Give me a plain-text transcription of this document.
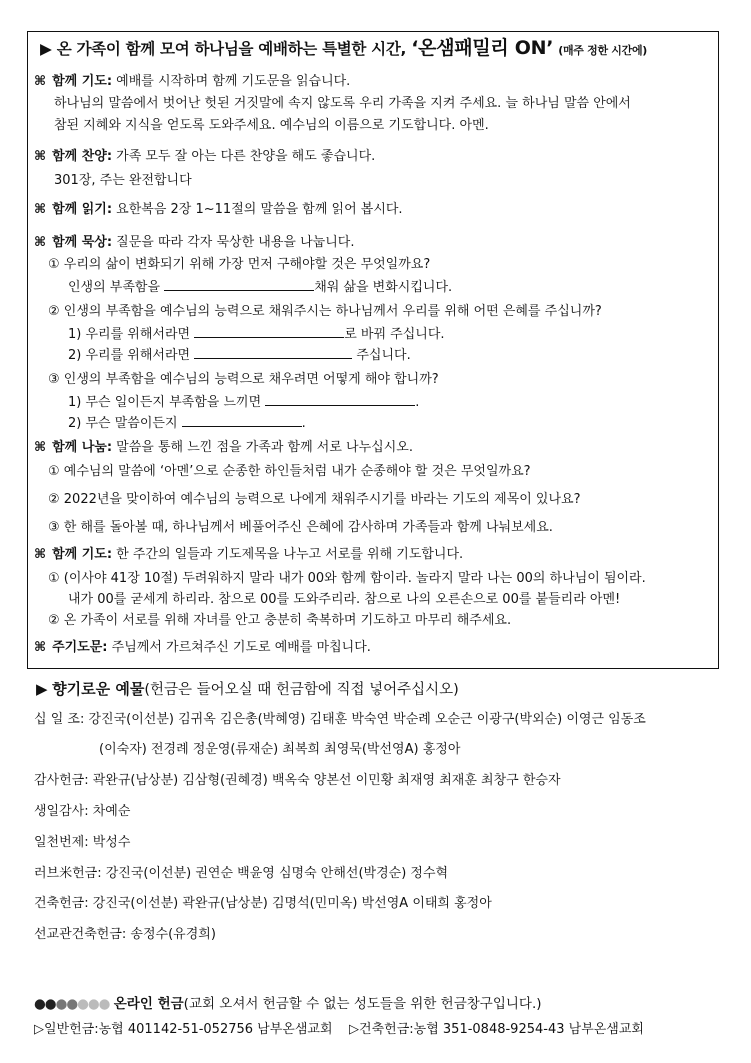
▶ 온 가족이 함께 모여 하나님을 예배하는 특별한 시간, ‘온샘패밀리 ON’ (매주 정한 시간에)
⌘ 함께 기도: 예배를 시작하며 함께 기도문을 읽습니다.
하나님의 말씀에서 벗어난 헛된 거짓말에 속지 않도록 우리 가족을 지켜 주세요. 늘 하나님 말씀 안에서
참된 지혜와 지식을 얻도록 도와주세요. 예수님의 이름으로 기도합니다. 아멘.
⌘ 함께 찬양: 가족 모두 잘 아는 다른 찬양을 해도 좋습니다.
301장, 주는 완전합니다
⌘ 함께 읽기: 요한복음 2장 1~11절의 말씀을 함께 읽어 봅시다.
⌘ 함께 묵상: 질문을 따라 각자 묵상한 내용을 나눕니다.
① 우리의 삶이 변화되기 위해 가장 먼저 구해야할 것은 무엇일까요?
인생의 부족함을	채워 삶을 변화시킵니다.
② 인생의 부족함을 예수님의 능력으로 채워주시는 하나님께서 우리를 위해 어떤 은혜를 주십니까?
1) 우리를 위해서라면	로 바꿔 주십니다.
2) 우리를 위해서라면	주십니다.
③ 인생의 부족함을 예수님의 능력으로 채우려면 어떻게 해야 합니까?
1) 무슨 일이든지 부족함을 느끼면	.
2) 무슨 말씀이든지	.
⌘ 함께 나눔: 말씀을 통해 느낀 점을 가족과 함께 서로 나누십시오.
① 예수님의 말씀에 ‘아멘’으로 순종한 하인들처럼 내가 순종해야 할 것은 무엇일까요?
② 2022년을 맞이하여 예수님의 능력으로 나에게 채워주시기를 바라는 기도의 제목이 있나요?
③ 한 해를 돌아볼 때, 하나님께서 베풀어주신 은혜에 감사하며 가족들과 함께 나눠보세요.
⌘ 함께 기도: 한 주간의 일들과 기도제목을 나누고 서로를 위해 기도합니다.
① (이사야 41장 10절) 두려워하지 말라 내가 00와 함께 함이라. 놀라지 말라 나는 00의 하나님이 됨이라.
내가 00를 굳세게 하리라. 참으로 00를 도와주리라. 참으로 나의 오른손으로 00를 붙들리라 아멘!
② 온 가족이 서로를 위해 자녀를 안고 충분히 축복하며 기도하고 마무리 해주세요.
⌘ 주기도문: 주님께서 가르쳐주신 기도로 예배를 마칩니다.
▶ 향기로운 예물(헌금은 들어오실 때 헌금함에 직접 넣어주십시오)
십 일 조: 강진국(이선분) 김귀옥 김은총(박혜영) 김태훈 박숙연 박순례 오순근 이광구(박외순) 이영근 임동조
(이숙자) 전경례 정운영(류재순) 최복희 최영묵(박선영A) 홍정아
감사헌금: 곽완규(남상분) 김삼형(권혜경) 백옥숙 양본선 이민황 최재영 최재훈 최창구 한승자
생일감사: 차예순
일천번제: 박성수
러브米헌금: 강진국(이선분) 권연순 백윤영 심명숙 안해선(박경순) 정수혁
건축헌금: 강진국(이선분) 곽완규(남상분) 김명석(민미옥) 박선영A 이태희 홍정아
선교관건축헌금: 송정수(유경희)
●●●●●●● 온라인 헌금(교회 오셔서 헌금할 수 없는 성도들을 위한 헌금창구입니다.)
▷일반헌금:농협 401142-51-052756 남부온샘교회 ▷건축헌금:농협 351-0848-9254-43 남부온샘교회
